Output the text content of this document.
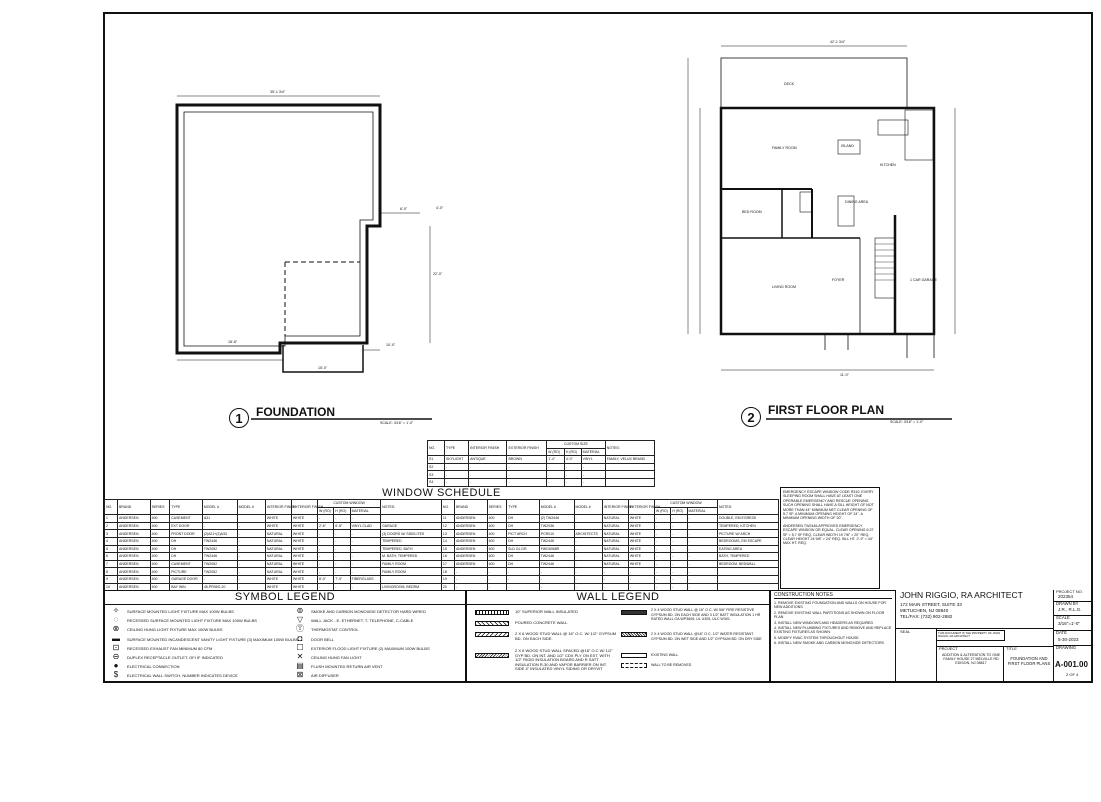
35'-1 3/4"
8'-0"	4'-0"
22'-0"
18'-8"
10'-0"
15'-0"
42'-1 3/4"
DECK
FAMILY ROOM	ISLAND
KITCHEN
BED ROOM
DINING AREA
LIVING ROOM
FOYER	1 CAR GARAGE
11'-0"
1	FOUNDATION
SCALE: 3/16" = 1'-0"	2	FIRST FLOOR PLAN
SCALE: 3/16" = 1'-0"
NO.	TYPE	INTERIOR FINISH	EXTERIOR FINISH	CUSTOM SIZE			NOTES:
				W (RO)	H (RO)	MATERIAL	
S1	SKYLIGHT	ANTIQUE	BROWN	1'-4"	4'-0"	VINYL	FAMILY, VELUX BRAND
S2	-	-	-	-	-	-	
S3	-	-	-	-	-	-	
S4	-	-	-	-	-	-	
WINDOW SCHEDULE
NO.	BRAND	SERIES	TYPE	MODEL #	MODEL #	INTERIOR FINISH	EXTERIOR FINISH	CUSTOM WINDOW			NOTES:	NO.	BRAND	SERIES	TYPE	MODEL #	MODEL #	INTERIOR FINISH	EXTERIOR FINISH	CUSTOM WINDOW			NOTES:
								W (RO)	H (RO)	MATERIAL										W (RO)	H (RO)	MATERIAL	
1	ANDERSEN	400	CASEMENT	A31		WHITE	WHITE	-	-	-		11	ANDERSEN	400	DH	(2) TW2446	-	NATURAL	WHITE	-	-	-	DOUBLE, EM EGRESS
2	ANDERSEN	400	EXT DOOR	-	-	WHITE	WHITE	2'-6"	6'-8"	VINYL CLAD	GARAGE	12	ANDERSEN	400	DH	TW2036	-	NATURAL	WHITE	-	-	-	TEMPERED, KITCHEN
3	ANDERSEN	400	FRONT DOOR	(2)A21+(2)A33	-	NATURAL	WHITE	-	-	-	(3) DOORS W/ SIDELITES	13	ANDERSEN	400	PICT ARCH	PCR010	ARCHITECTS	NATURAL	WHITE	-	-	-	PICTURE W/ ARCH
4	ANDERSEN	400	DH	TW2446	-	NATURAL	WHITE	-	-	-	TEMPERED	14	ANDERSEN	400	DH	TW2446	-	NATURAL	WHITE	-	-	-	BEDROOMS, EM ESCAPE
5	ANDERSEN	400	DH	TW2052	-	NATURAL	WHITE	-	-	-	TEMPERED, BATH	15	ANDERSEN	400	SLD GL DR	FWG6068R	-	NATURAL	WHITE	-	-	-	EATING AREA
6	ANDERSEN	400	DH	TW2446	-	NATURAL	WHITE	-	-	-	M. BATH, TEMPERED	16	ANDERSEN	400	DH	TW2446	-	NATURAL	WHITE	-	-	-	BATH, TEMPERED
7	ANDERSEN	400	CASEMENT	TW2052	-	NATURAL	WHITE	-	-	-	FAMILY ROOM	17	ANDERSEN	400	DH	TW2446	-	NATURAL	WHITE	-	-	-	BEDROOM, BEDWALL
8	ANDERSEN	400	PICTURE	TW2052	-	NATURAL	WHITE	-	-	-	FAMILY ROOM	18	-	-	-	-	-	-	-	-	-	-	
9	ANDERSEN	400	GARAGE DOOR	-	-	WHITE	WHITE	8'-0"	7'-0"	FIBERGLASS		19	-	-	-	-	-	-	-	-	-	-	
10	ANDERSEN	400	BAY WIN	45-PR05G-20	-	WHITE	WHITE	-	-	-	LIVINGROOM, BEDRM	20	-	-	-	-	-	-	-	-	-	-	
EMERGENCY ESCAPE WINDOW CODE R310: EVERY SLEEPING ROOM SHALL HAVE AT LEAST ONE OPERABLE EMERGENCY AND RESCUE OPENING. SUCH OPENING SHALL HAVE A SILL HEIGHT OF NOT MORE THAN 44" MINIMUM NET CLEAR OPENING OF 5.7 SF. A MINIMUM OPENING HEIGHT OF 24". A MINIMUM OPENING WIDTH OF 20".
ANDERSEN TW2446 APPROVED EMERGENCY ESCAPE WINDOW OR EQUAL. CLEAR OPENING 6.37 SF > 5.7 SF REQ. CLEAR WIDTH 19 7/8" > 20" REQ. CLEAR HEIGHT 24 9/8" > 24" REQ. SILL HT. 2'-9" < 44" MAX HT. REQ.
SYMBOL LEGEND
✧	SURFACE MOUNTED LIGHT FIXTURE MAX 100W BULBS
◌	RECESSED SURFACE MOUNTED LIGHT FIXTURE MAX 100W BULBS
⊗	CEILING HUNG LIGHT FIXTURE MAX 100W BULBS
▬ SURFACE MOUNTED INCANDESCENT VANITY LIGHT FIXTURE (3) MAXIMUM 100W BULBS
⊡	RECESSED EXHAUST FAN MINIMUM 80 CFM
⊖	DUPLEX RECEPTACLE OUTLET, GFI IF INDICATED
●	ELECTRICAL CONNECTION
$	ELECTRICAL WALL SWITCH, NUMBER INDICATES DEVICE
⊚	SMOKE AND CARBON MONOXIDE DETECTOR HARD WIRED
▽	WALL JACK - E- ETHERNET, T- TELEPHONE, C-CABLE
Ⓣ THERMOSTAT CONTROL
◘	DOOR BELL
☐	EXTERIOR FLOOD LIGHT FIXTURE (2) MAXIMUM 100W BULBS
✕	CEILING HUNG FAN LIGHT
▤	FLUSH MOUNTED RETURN AIR VENT
⊠	AIR DIFFUSER
WALL LEGEND
10" SUPERIOR WALL INSULATED
POURED CONCRETE WALL
2 X 6 WOOD STUD WALL @ 16" O.C. W/ 1/2" GYPSUM BD. ON EACH SIDE.
2 X 6 WOOD STUD WALL SPACED @16" O.C W/ 1/2" GYP BD. ON INT. AND 1/2" CDX PLY ON EXT. WITH 1/2" RIGID INSULATION BOARD AND R SATT INSULATION R-30 AND VAPOR BARRIER ON INT. SIDE 4" INSULATED VINYL SIDING OR DRYVIT
2 X 4 WOOD STUD WALL @ 16" O.C. W/ 5/8" FIRE RESISTIVE GYPSUM BD. ON EACH SIDE AND 3 1/2" BATT INSULATION 1 HR RATED WALL GA WP3605, UL U305, ULC W301
2 X 4 WOOD STUD WALL @16" O.C. 1/2" WATER RESISTANT GYPSUM BD. ON WET SIDE AND 1/2" GYPSUM BD. ON DRY SIDE
EXISTING WALL
WALL TO BE REMOVED
CONSTRUCTION NOTES
1. REMOVE EXISTING FOUNDATION AND WALLS ON HOUSE FOR NEW ADDITIONS
2. REMOVE EXISTING WALL PARTITIONS AS SHOWN ON FLOOR PLAN
3. INSTALL NEW WINDOWS AND HEADERS AS REQUIRED
4. INSTALL NEW PLUMBING FIXTURES AND REMOVE AND REPLACE EXISTING FIXTURES AS SHOWN.
5. MODIFY HVAC SYSTEM THROUGHOUT HOUSE
6. INSTALL NEW SMOKE AND CARBON MONOXIDE DETECTORS
JOHN RIGGIO, RA ARCHITECT
172 MAIN STREET, SUITE 33
METUCHEN, NJ 08840
TEL/FAX: (732) 902-2882
SEAL	THIS DOCUMENT IS THE PROPERTY OF JOHN RIGGIO, RA ARCHITECT
PROJECT
ADDITION & ALTERATION TO ONE FAMILY HOUSE 27 MELVILLE RD EDISON, NJ 08817
TITLE
FOUNDATION AND FIRST FLOOR PLANS
PROJECT NO.
202354
DRAWN BY
J.R., R.L.G.
SCALE
3/16"=1'-0"
DATE
5-30-2023
DRAWING
A-001.00
2 OF 4
